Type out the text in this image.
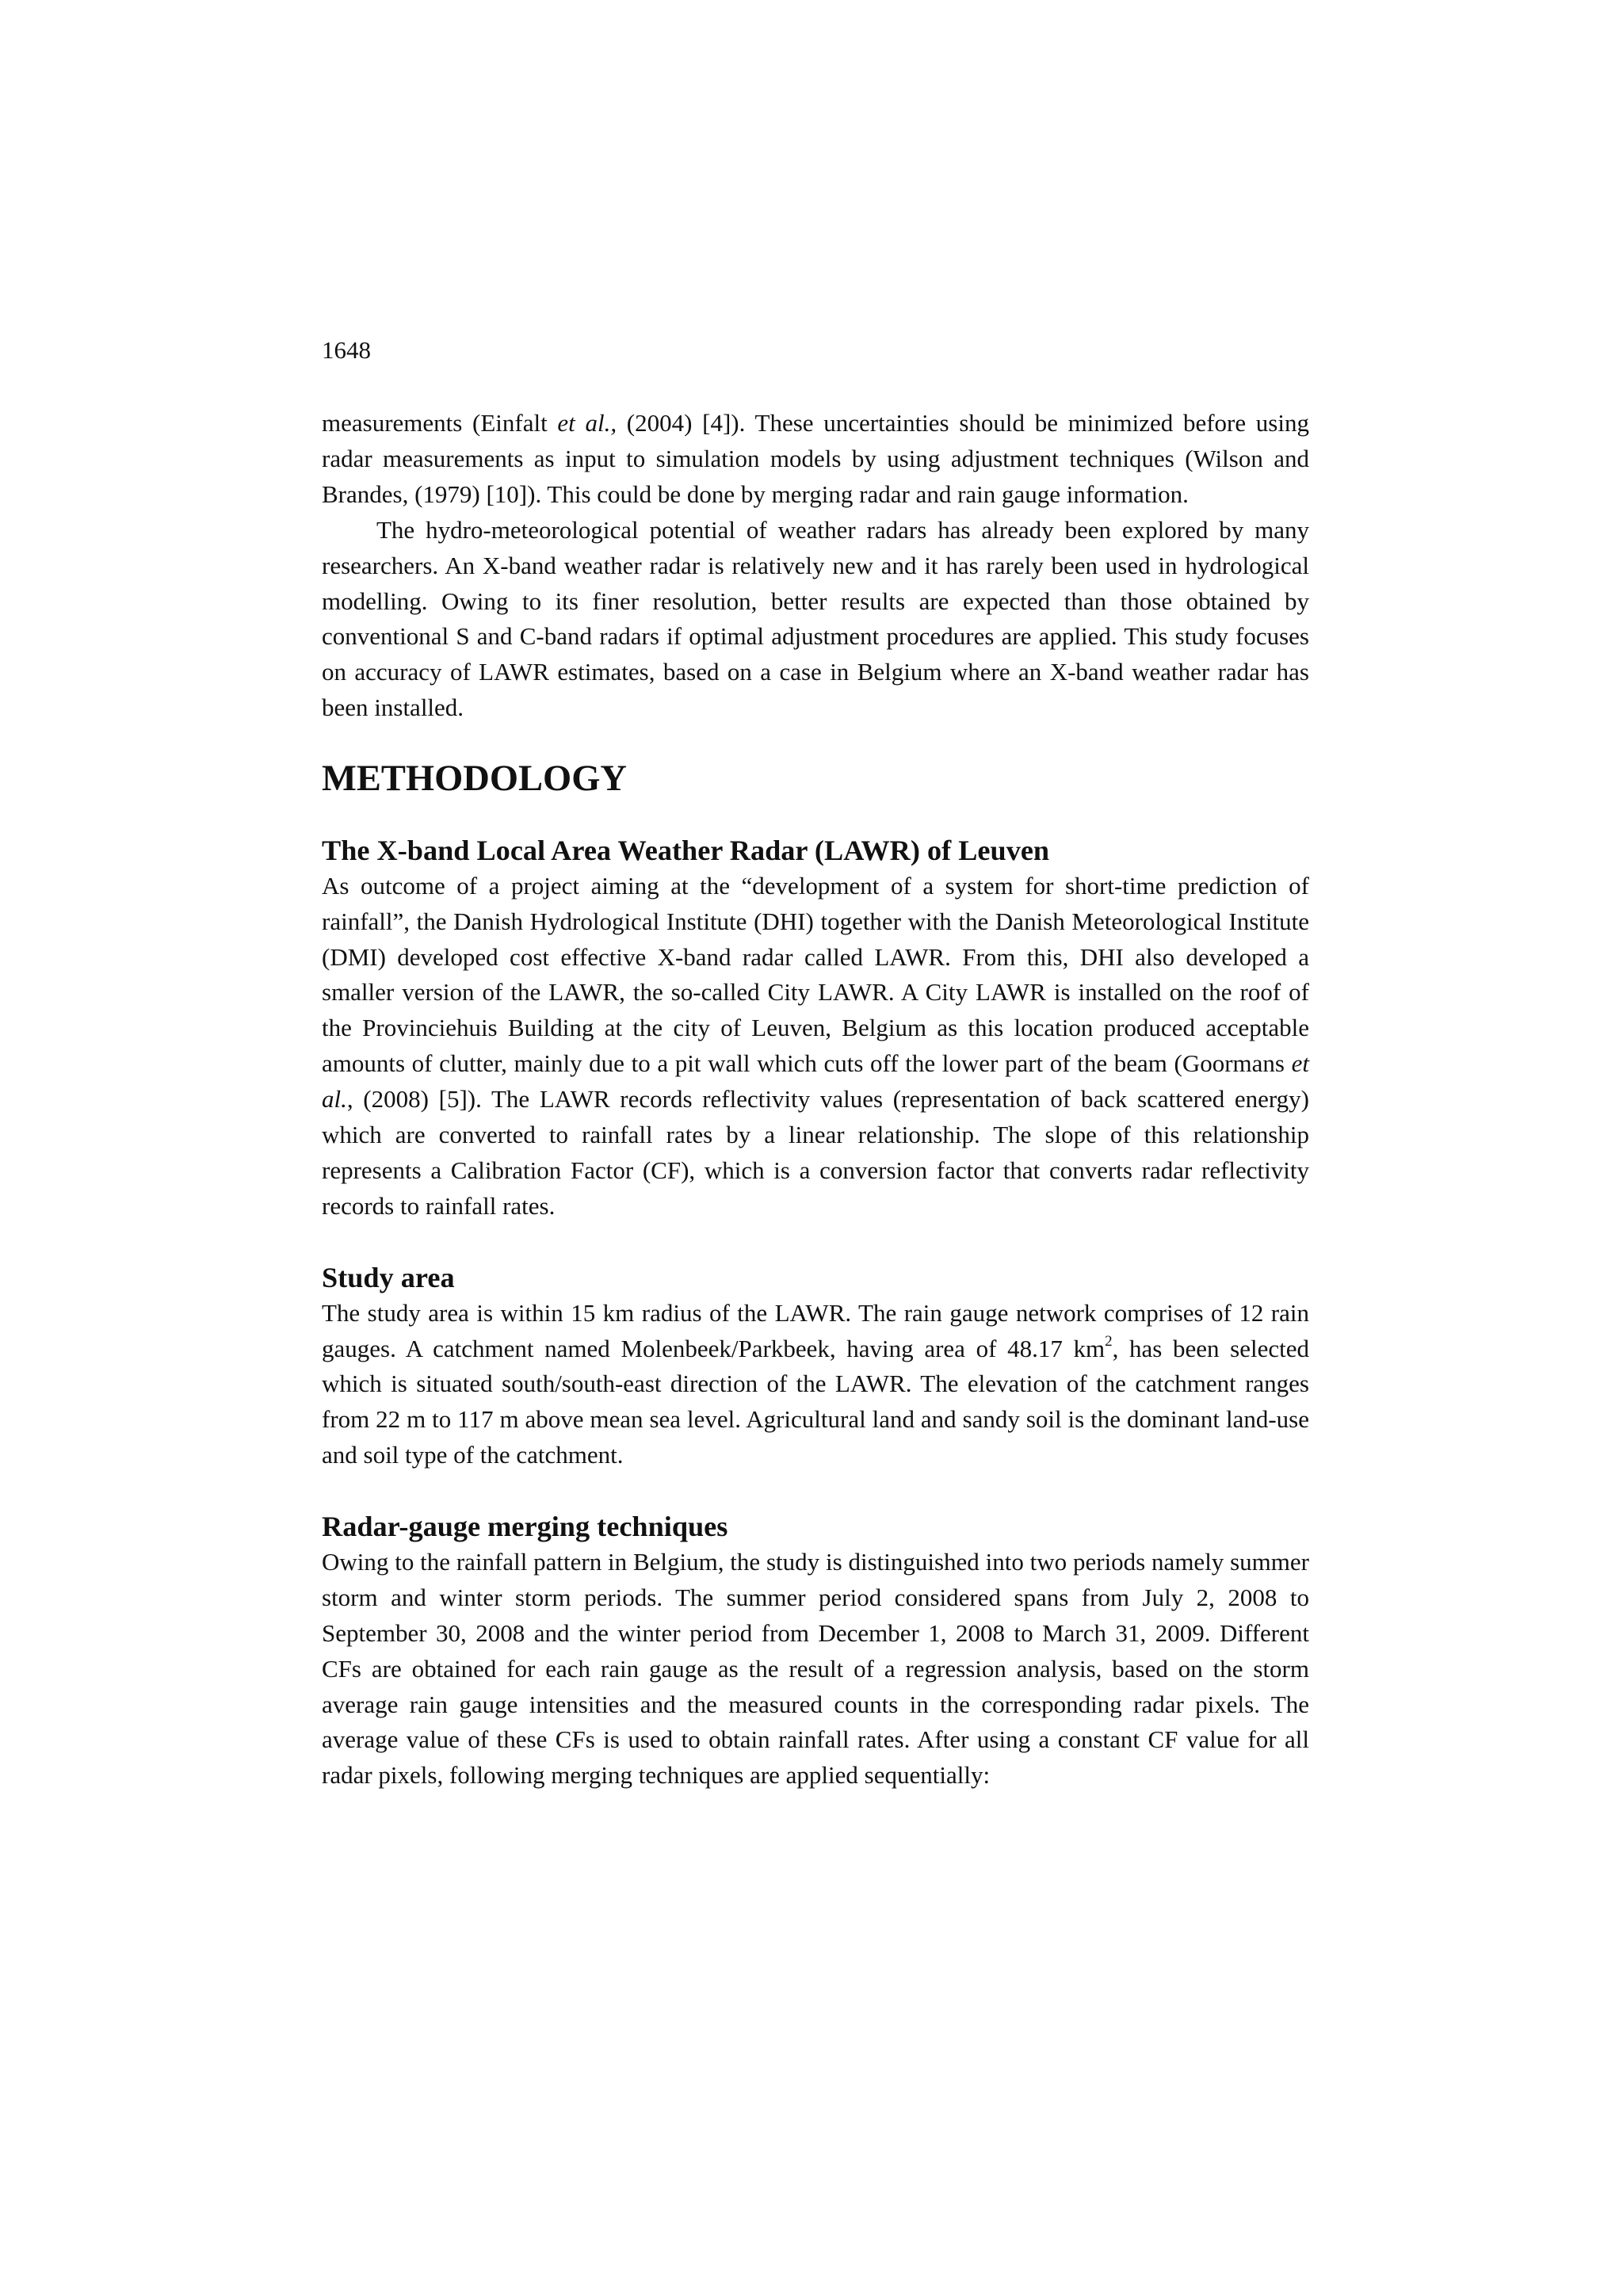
1648

measurements (Einfalt et al., (2004) [4]). These uncertainties should be minimized before using radar measurements as input to simulation models by using adjustment techniques (Wilson and Brandes, (1979) [10]). This could be done by merging radar and rain gauge information.

The hydro-meteorological potential of weather radars has already been explored by many researchers. An X-band weather radar is relatively new and it has rarely been used in hydrological modelling. Owing to its finer resolution, better results are expected than those obtained by conventional S and C-band radars if optimal adjustment procedures are applied. This study focuses on accuracy of LAWR estimates, based on a case in Belgium where an X-band weather radar has been installed.

METHODOLOGY
The X-band Local Area Weather Radar (LAWR) of Leuven

As outcome of a project aiming at the “development of a system for short-time prediction of rainfall”, the Danish Hydrological Institute (DHI) together with the Danish Meteorological Institute (DMI) developed cost effective X-band radar called LAWR. From this, DHI also developed a smaller version of the LAWR, the so-called City LAWR. A City LAWR is installed on the roof of the Provinciehuis Building at the city of Leuven, Belgium as this location produced acceptable amounts of clutter, mainly due to a pit wall which cuts off the lower part of the beam (Goormans et al., (2008) [5]). The LAWR records reflectivity values (representation of back scattered energy) which are converted to rainfall rates by a linear relationship. The slope of this relationship represents a Calibration Factor (CF), which is a conversion factor that converts radar reflectivity records to rainfall rates.

Study area

The study area is within 15 km radius of the LAWR. The rain gauge network comprises of 12 rain gauges. A catchment named Molenbeek/Parkbeek, having area of 48.17 $km^2$, has been selected which is situated south/south-east direction of the LAWR. The elevation of the catchment ranges from 22 m to 117 m above mean sea level. Agricultural land and sandy soil is the dominant land-use and soil type of the catchment.

Radar-gauge merging techniques

Owing to the rainfall pattern in Belgium, the study is distinguished into two periods namely summer storm and winter storm periods. The summer period considered spans from July 2, 2008 to September 30, 2008 and the winter period from December 1, 2008 to March 31, 2009. Different CFs are obtained for each rain gauge as the result of a regression analysis, based on the storm average rain gauge intensities and the measured counts in the corresponding radar pixels. The average value of these CFs is used to obtain rainfall rates. After using a constant CF value for all radar pixels, following merging techniques are applied sequentially:
